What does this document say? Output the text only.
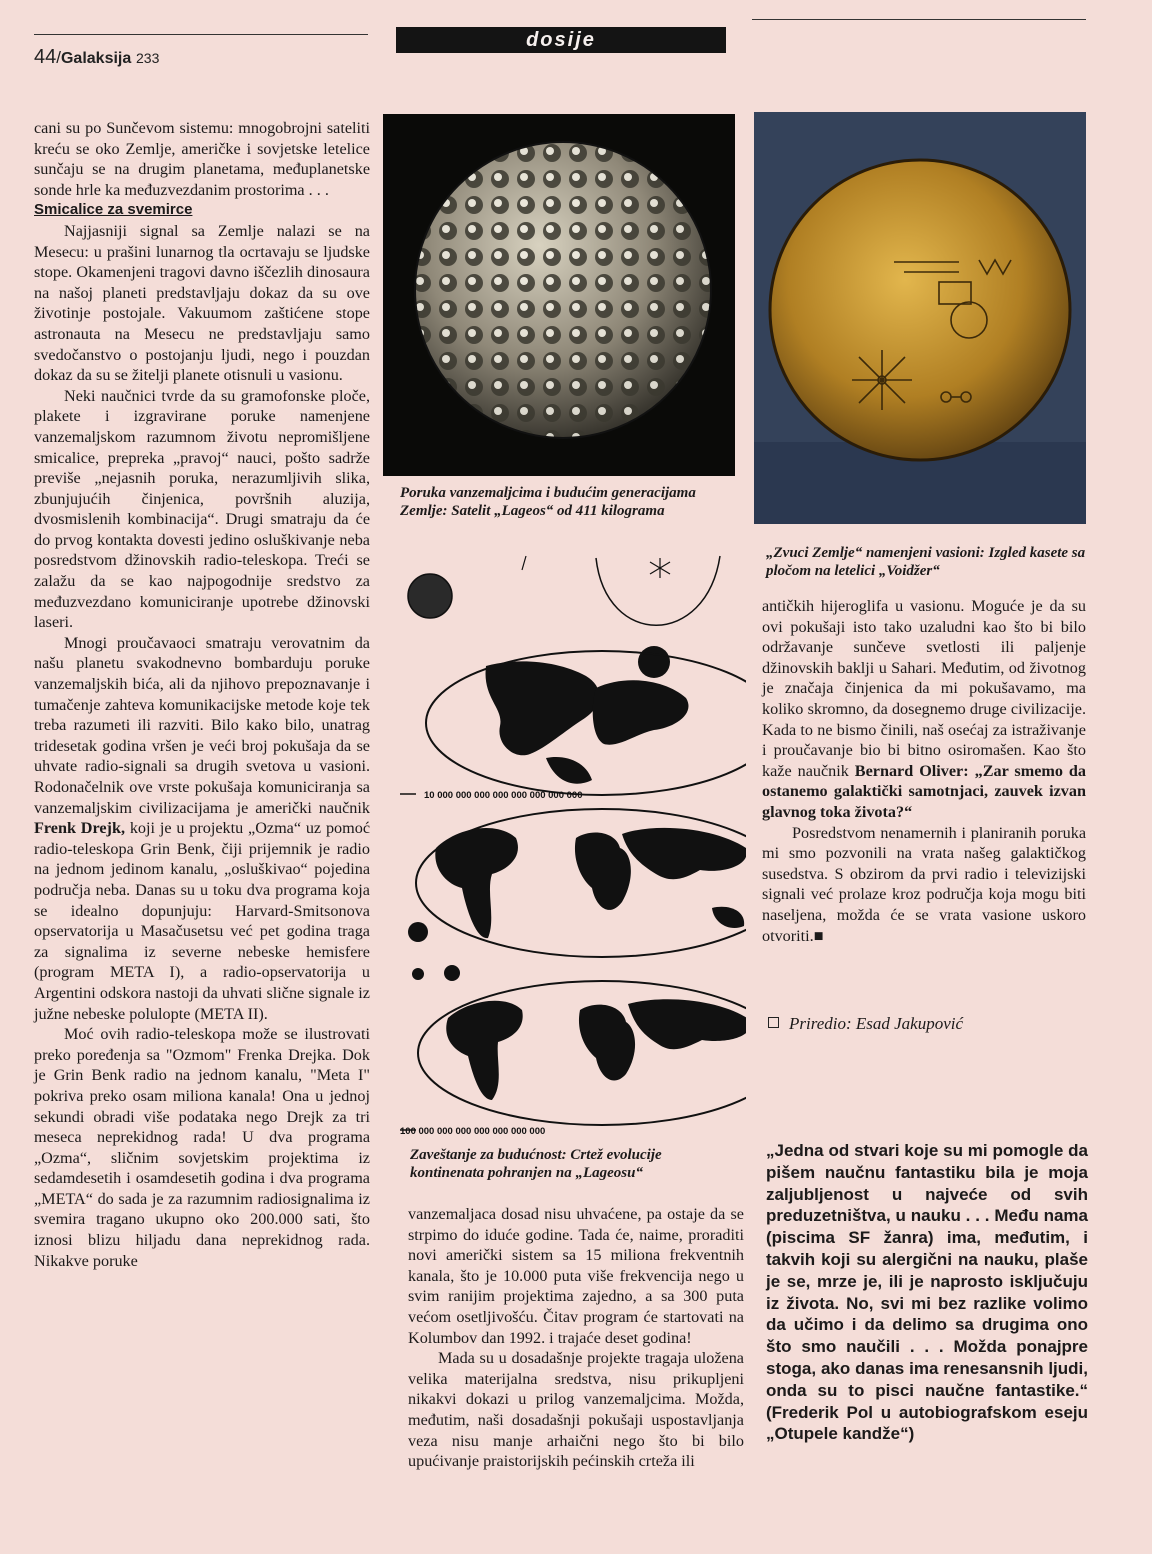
44/Galaksija 233
dosije

cani su po Sunčevom sistemu: mnogobrojni sateliti kreću se oko Zemlje, američke i sovjetske letelice sunčaju se na drugim planetama, međuplanetske sonde hrle ka međuzvezdanim prostorima . . .

Smicalice za svemirce

Najjasniji signal sa Zemlje nalazi se na Mesecu: u prašini lunarnog tla ocrtavaju se ljudske stope. Okamenjeni tragovi davno iščezlih dinosaura na našoj planeti predstavljaju dokaz da su ove životinje postojale. Vakuumom zaštićene stope astronauta na Mesecu ne predstavljaju samo svedočanstvo o postojanju ljudi, nego i pouzdan dokaz da su se žitelji planete otisnuli u vasionu.

Neki naučnici tvrde da su gramofonske ploče, plakete i izgravirane poruke namenjene vanzemaljskom razumnom životu nepromišljene smicalice, prepreka „pravoj“ nauci, pošto sadrže previše „nejasnih poruka, nerazumljivih slika, zbunjujućih činjenica, površnih aluzija, dvosmislenih kombinacija“. Drugi smatraju da će do prvog kontakta dovesti jedino osluškivanje neba posredstvom džinovskih radio-teleskopa. Treći se zalažu da se kao najpogodnije sredstvo za međuzvezdano komuniciranje upotrebe džinovski laseri.

Mnogi proučavaoci smatraju verovatnim da našu planetu svakodnevno bombarduju poruke vanzemaljskih bića, ali da njihovo prepoznavanje i tumačenje zahteva komunikacijske metode koje tek treba razumeti ili razviti. Bilo kako bilo, unatrag tridesetak godina vršen je veći broj pokušaja da se uhvate radio-signali sa drugih svetova u vasioni. Rodonačelnik ove vrste pokušaja komuniciranja sa vanzemaljskim civilizacijama je američki naučnik Frenk Drejk, koji je u projektu „Ozma“ uz pomoć radio-teleskopa Grin Benk, čiji prijemnik je radio na jednom jedinom kanalu, „osluškivao“ pojedina područja neba. Danas su u toku dva programa koja se idealno dopunjuju: Harvard-Smitsonova opservatorija u Masačusetsu već pet godina traga za signalima iz severne nebeske hemisfere (program META I), a radio-opservatorija u Argentini odskora nastoji da uhvati slične signale iz južne nebeske polulopte (META II).

Moć ovih radio-teleskopa može se ilustrovati preko poređenja sa "Ozmom" Frenka Drejka. Dok je Grin Benk radio na jednom kanalu, "Meta I" pokriva preko osam miliona kanala! Ona u jednoj sekundi obradi više podataka nego Drejk za tri meseca neprekidnog rada! U dva programa „Ozma“, sličnim sovjetskim projektima iz sedamdesetih i osamdesetih godina i dva programa „META“ do sada je za razumnim radiosignalima iz svemira tragano ukupno oko 200.000 sati, što iznosi blizu hiljadu dana neprekidnog rada. Nikakve poruke

Poruka vanzemaljcima i budućim generacijama Zemlje: Satelit „Lageos“ od 411 kilograma
„Zvuci Zemlje“ namenjeni vasioni: Izgled kasete sa pločom na letelici „Voidžer“
10 000 000 000 000 000 000 000 000
100 000 000 000 000 000 000 000
Zaveštanje za budućnost: Crtež evolucije kontinenata pohranjen na „Lageosu“

vanzemaljaca dosad nisu uhvaćene, pa ostaje da se strpimo do iduće godine. Tada će, naime, proraditi novi američki sistem sa 15 miliona frekventnih kanala, što je 10.000 puta više frekvencija nego u svim ranijim projektima zajedno, a sa 300 puta većom osetljivošću. Čitav program će startovati na Kolumbov dan 1992. i trajaće deset godina!

Mada su u dosadašnje projekte tragaja uložena velika materijalna sredstva, nisu prikupljeni nikakvi dokazi u prilog vanzemaljcima. Možda, međutim, naši dosadašnji pokušaji uspostavljanja veza nisu manje arhaični nego što bi bilo upućivanje praistorijskih pećinskih crteža ili

antičkih hijeroglifa u vasionu. Moguće je da su ovi pokušaji isto tako uzaludni kao što bi bilo održavanje sunčeve svetlosti ili paljenje džinovskih baklji u Sahari. Međutim, od životnog je značaja činjenica da mi pokušavamo, ma koliko skromno, da dosegnemo druge civilizacije. Kada to ne bismo činili, naš osećaj za istraživanje i proučavanje bio bi bitno osiromašen. Kao što kaže naučnik Bernard Oliver: „Zar smemo da ostanemo galaktički samotnjaci, zauvek izvan glavnog toka života?“

Posredstvom nenamernih i planiranih poruka mi smo pozvonili na vrata našeg galaktičkog susedstva. S obzirom da prvi radio i televizijski signali već prolaze kroz područja koja mogu biti naseljena, možda će se vrata vasione uskoro otvoriti.■

Priredio: Esad Jakupović
„Jedna od stvari koje su mi pomogle da pišem naučnu fantastiku bila je moja zaljubljenost u najveće od svih preduzetništva, u nauku . . . Među nama (piscima SF žanra) ima, međutim, i takvih koji su alergični na nauku, plaše je se, mrze je, ili je naprosto isključuju iz života. No, svi mi bez razlike volimo da učimo i da delimo sa drugima ono što smo naučili . . . Možda ponajpre stoga, ako danas ima renesansnih ljudi, onda su to pisci naučne fantastike.“ (Frederik Pol u autobiografskom eseju „Otupele kandže“)
